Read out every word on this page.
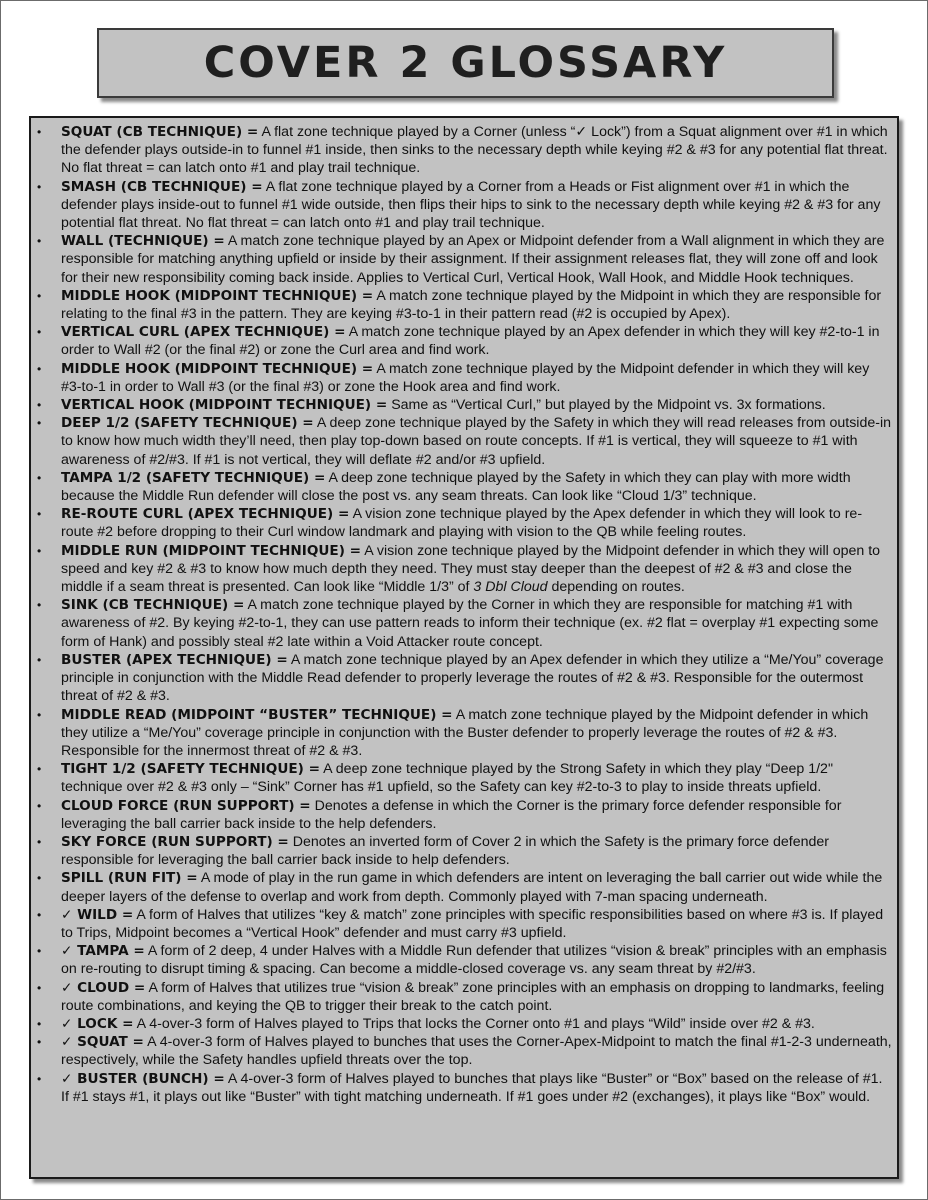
COVER 2 GLOSSARY
• SQUAT (CB TECHNIQUE) = A flat zone technique played by a Corner (unless “✓ Lock”) from a Squat alignment over #1 in which the defender plays outside-in to funnel #1 inside, then sinks to the necessary depth while keying #2 & #3 for any potential flat threat. No flat threat = can latch onto #1 and play trail technique.
• SMASH (CB TECHNIQUE) = A flat zone technique played by a Corner from a Heads or Fist alignment over #1 in which the defender plays inside-out to funnel #1 wide outside, then flips their hips to sink to the necessary depth while keying #2 & #3 for any potential flat threat. No flat threat = can latch onto #1 and play trail technique.
• WALL (TECHNIQUE) = A match zone technique played by an Apex or Midpoint defender from a Wall alignment in which they are responsible for matching anything upfield or inside by their assignment. If their assignment releases flat, they will zone off and look for their new responsibility coming back inside. Applies to Vertical Curl, Vertical Hook, Wall Hook, and Middle Hook techniques.
• MIDDLE HOOK (MIDPOINT TECHNIQUE) = A match zone technique played by the Midpoint in which they are responsible for relating to the final #3 in the pattern. They are keying #3-to-1 in their pattern read (#2 is occupied by Apex).
• VERTICAL CURL (APEX TECHNIQUE) = A match zone technique played by an Apex defender in which they will key #2-to-1 in order to Wall #2 (or the final #2) or zone the Curl area and find work.
• MIDDLE HOOK (MIDPOINT TECHNIQUE) = A match zone technique played by the Midpoint defender in which they will key #3-to-1 in order to Wall #3 (or the final #3) or zone the Hook area and find work.
• VERTICAL HOOK (MIDPOINT TECHNIQUE) = Same as “Vertical Curl,” but played by the Midpoint vs. 3x formations.
• DEEP 1/2 (SAFETY TECHNIQUE) = A deep zone technique played by the Safety in which they will read releases from outside-in to know how much width they’ll need, then play top-down based on route concepts. If #1 is vertical, they will squeeze to #1 with awareness of #2/#3. If #1 is not vertical, they will deflate #2 and/or #3 upfield.
• TAMPA 1/2 (SAFETY TECHNIQUE) = A deep zone technique played by the Safety in which they can play with more width because the Middle Run defender will close the post vs. any seam threats. Can look like “Cloud 1/3” technique.
• RE-ROUTE CURL (APEX TECHNIQUE) = A vision zone technique played by the Apex defender in which they will look to re-route #2 before dropping to their Curl window landmark and playing with vision to the QB while feeling routes.
• MIDDLE RUN (MIDPOINT TECHNIQUE) = A vision zone technique played by the Midpoint defender in which they will open to speed and key #2 & #3 to know how much depth they need. They must stay deeper than the deepest of #2 & #3 and close the middle if a seam threat is presented. Can look like “Middle 1/3” of 3 Dbl Cloud depending on routes.
• SINK (CB TECHNIQUE) = A match zone technique played by the Corner in which they are responsible for matching #1 with awareness of #2. By keying #2-to-1, they can use pattern reads to inform their technique (ex. #2 flat = overplay #1 expecting some form of Hank) and possibly steal #2 late within a Void Attacker route concept.
• BUSTER (APEX TECHNIQUE) = A match zone technique played by an Apex defender in which they utilize a “Me/You” coverage principle in conjunction with the Middle Read defender to properly leverage the routes of #2 & #3. Responsible for the outermost threat of #2 & #3.
• MIDDLE READ (MIDPOINT “BUSTER” TECHNIQUE) = A match zone technique played by the Midpoint defender in which they utilize a “Me/You” coverage principle in conjunction with the Buster defender to properly leverage the routes of #2 & #3. Responsible for the innermost threat of #2 & #3.
• TIGHT 1/2 (SAFETY TECHNIQUE) = A deep zone technique played by the Strong Safety in which they play “Deep 1/2" technique over #2 & #3 only – “Sink” Corner has #1 upfield, so the Safety can key #2-to-3 to play to inside threats upfield.
• CLOUD FORCE (RUN SUPPORT) = Denotes a defense in which the Corner is the primary force defender responsible for leveraging the ball carrier back inside to the help defenders.
• SKY FORCE (RUN SUPPORT) = Denotes an inverted form of Cover 2 in which the Safety is the primary force defender responsible for leveraging the ball carrier back inside to help defenders.
• SPILL (RUN FIT) = A mode of play in the run game in which defenders are intent on leveraging the ball carrier out wide while the deeper layers of the defense to overlap and work from depth. Commonly played with 7-man spacing underneath.
• ✓ WILD = A form of Halves that utilizes “key & match” zone principles with specific responsibilities based on where #3 is. If played to Trips, Midpoint becomes a “Vertical Hook” defender and must carry #3 upfield.
• ✓ TAMPA = A form of 2 deep, 4 under Halves with a Middle Run defender that utilizes “vision & break” principles with an emphasis on re-routing to disrupt timing & spacing. Can become a middle-closed coverage vs. any seam threat by #2/#3.
• ✓ CLOUD = A form of Halves that utilizes true “vision & break” zone principles with an emphasis on dropping to landmarks, feeling route combinations, and keying the QB to trigger their break to the catch point.
• ✓ LOCK = A 4-over-3 form of Halves played to Trips that locks the Corner onto #1 and plays “Wild” inside over #2 & #3.
• ✓ SQUAT = A 4-over-3 form of Halves played to bunches that uses the Corner-Apex-Midpoint to match the final #1-2-3 underneath, respectively, while the Safety handles upfield threats over the top.
• ✓ BUSTER (BUNCH) = A 4-over-3 form of Halves played to bunches that plays like “Buster” or “Box” based on the release of #1. If #1 stays #1, it plays out like “Buster” with tight matching underneath. If #1 goes under #2 (exchanges), it plays like “Box” would.
